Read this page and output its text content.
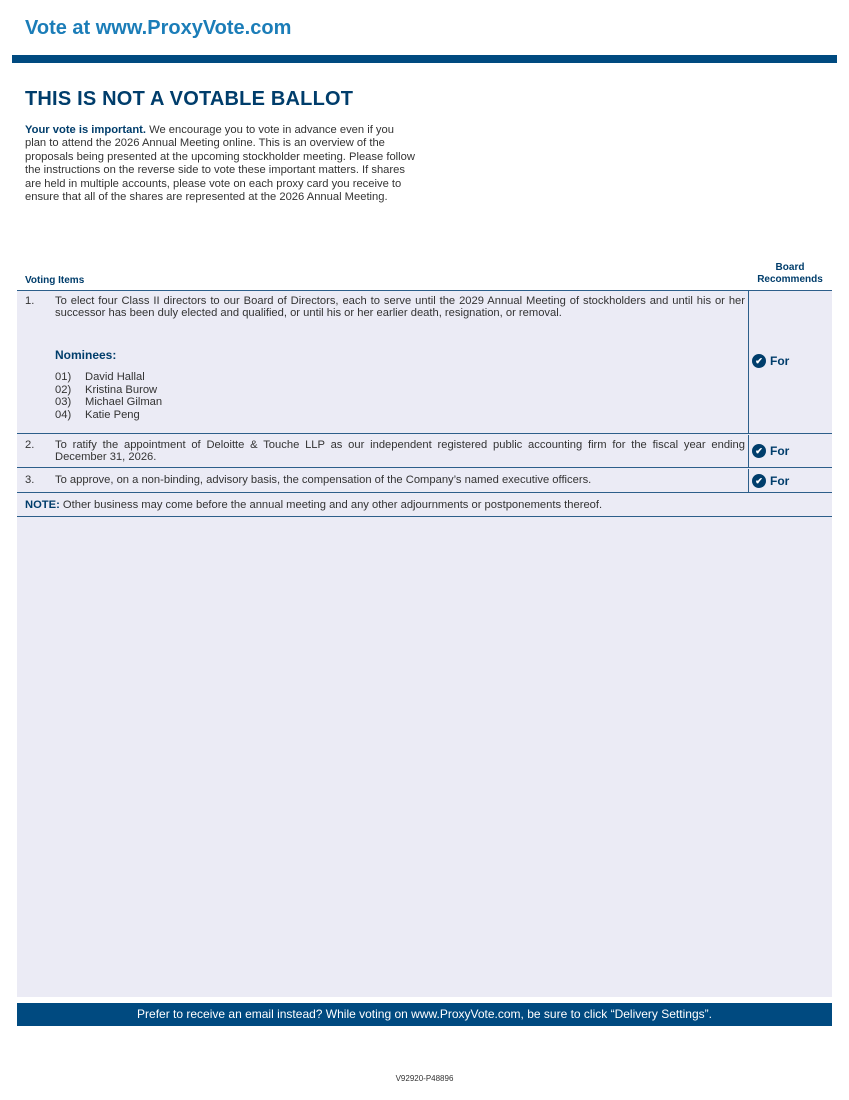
Vote at www.ProxyVote.com
THIS IS NOT A VOTABLE BALLOT

Your vote is important. We encourage you to vote in advance even if you plan to attend the 2026 Annual Meeting online. This is an overview of the proposals being presented at the upcoming stockholder meeting. Please follow the instructions on the reverse side to vote these important matters. If shares are held in multiple accounts, please vote on each proxy card you receive to ensure that all of the shares are represented at the 2026 Annual Meeting.

Voting Items
Board
Recommends
1. To elect four Class II directors to our Board of Directors, each to serve until the 2029 Annual Meeting of stockholders and until his or her successor has been duly elected and qualified, or until his or her earlier death, resignation, or removal.
Nominees:
01) David Hallal
02) Kristina Burow
03) Michael Gilman
04) Katie Peng
✔ For
2. To ratify the appointment of Deloitte & Touche LLP as our independent registered public accounting firm for the fiscal year ending December 31, 2026.	✔ For
3. To approve, on a non-binding, advisory basis, the compensation of the Company’s named executive officers.	✔ For
NOTE: Other business may come before the annual meeting and any other adjournments or postponements thereof.
Prefer to receive an email instead? While voting on www.ProxyVote.com, be sure to click “Delivery Settings”.
V92920-P48896
